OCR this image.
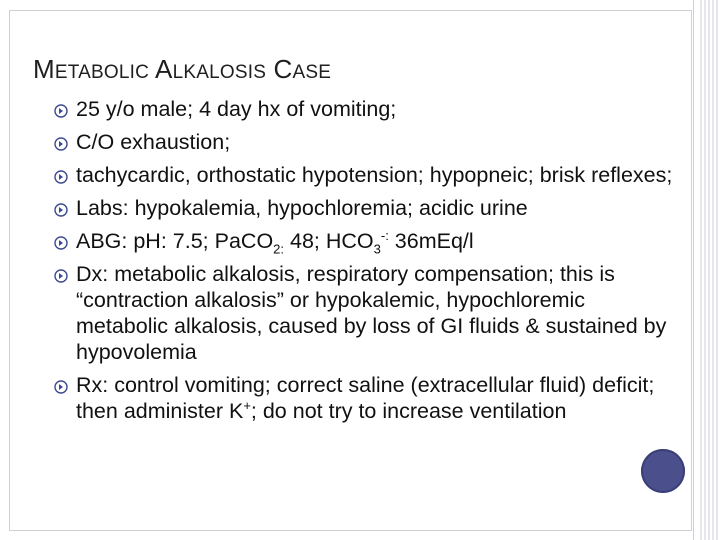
METABOLIC ALKALOSIS CASE
25 y/o male; 4 day hx of vomiting;
C/O exhaustion;
tachycardic, orthostatic hypotension; hypopneic; brisk reflexes;
Labs: hypokalemia, hypochloremia; acidic urine
ABG: pH: 7.5; PaCO$_{2:}$ 48; $HCO_3^{-:}$ 36mEq/l
Dx: metabolic alkalosis, respiratory compensation; this is “contraction alkalosis” or hypokalemic, hypochloremic metabolic alkalosis, caused by loss of GI fluids & sustained by hypovolemia
Rx: control vomiting; correct saline (extracellular fluid) deficit; then administer K+; do not try to increase ventilation
